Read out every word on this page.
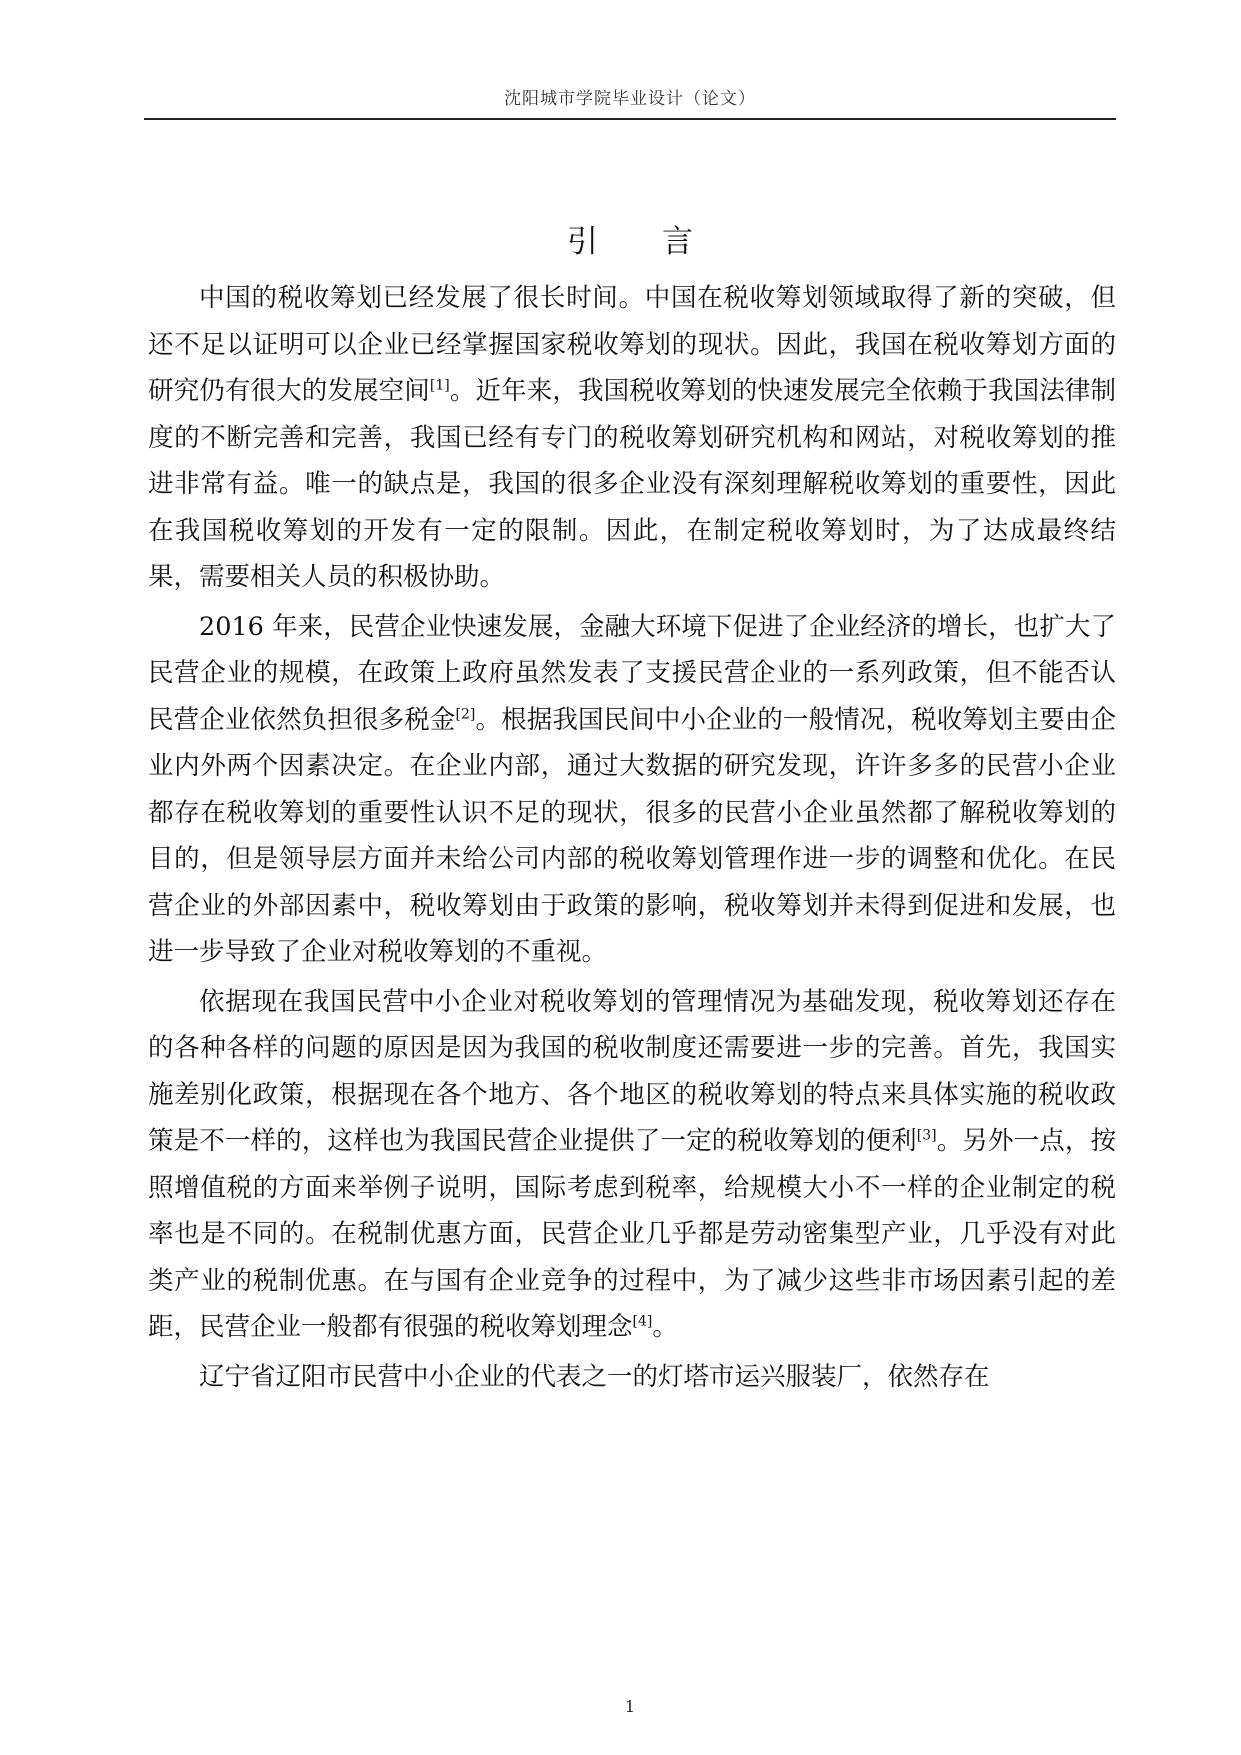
沈阳城市学院毕业设计（论文）
引 言

中国的税收筹划已经发展了很长时间。中国在税收筹划领域取得了新的突破，但还不足以证明可以企业已经掌握国家税收筹划的现状。因此，我国在税收筹划方面的研究仍有很大的发展空间[1]。近年来，我国税收筹划的快速发展完全依赖于我国法律制度的不断完善和完善，我国已经有专门的税收筹划研究机构和网站，对税收筹划的推进非常有益。唯一的缺点是，我国的很多企业没有深刻理解税收筹划的重要性，因此在我国税收筹划的开发有一定的限制。因此，在制定税收筹划时，为了达成最终结果，需要相关人员的积极协助。

2016 年来，民营企业快速发展，金融大环境下促进了企业经济的增长，也扩大了民营企业的规模，在政策上政府虽然发表了支援民营企业的一系列政策，但不能否认民营企业依然负担很多税金[2]。根据我国民间中小企业的一般情况，税收筹划主要由企业内外两个因素决定。在企业内部，通过大数据的研究发现，许许多多的民营小企业都存在税收筹划的重要性认识不足的现状，很多的民营小企业虽然都了解税收筹划的目的，但是领导层方面并未给公司内部的税收筹划管理作进一步的调整和优化。在民营企业的外部因素中，税收筹划由于政策的影响，税收筹划并未得到促进和发展，也进一步导致了企业对税收筹划的不重视。

依据现在我国民营中小企业对税收筹划的管理情况为基础发现，税收筹划还存在的各种各样的问题的原因是因为我国的税收制度还需要进一步的完善。首先，我国实施差别化政策，根据现在各个地方、各个地区的税收筹划的特点来具体实施的税收政策是不一样的，这样也为我国民营企业提供了一定的税收筹划的便利[3]。另外一点，按照增值税的方面来举例子说明，国际考虑到税率，给规模大小不一样的企业制定的税率也是不同的。在税制优惠方面，民营企业几乎都是劳动密集型产业，几乎没有对此类产业的税制优惠。在与国有企业竞争的过程中，为了减少这些非市场因素引起的差距，民营企业一般都有很强的税收筹划理念[4]。

辽宁省辽阳市民营中小企业的代表之一的灯塔市运兴服装厂，依然存在

1
